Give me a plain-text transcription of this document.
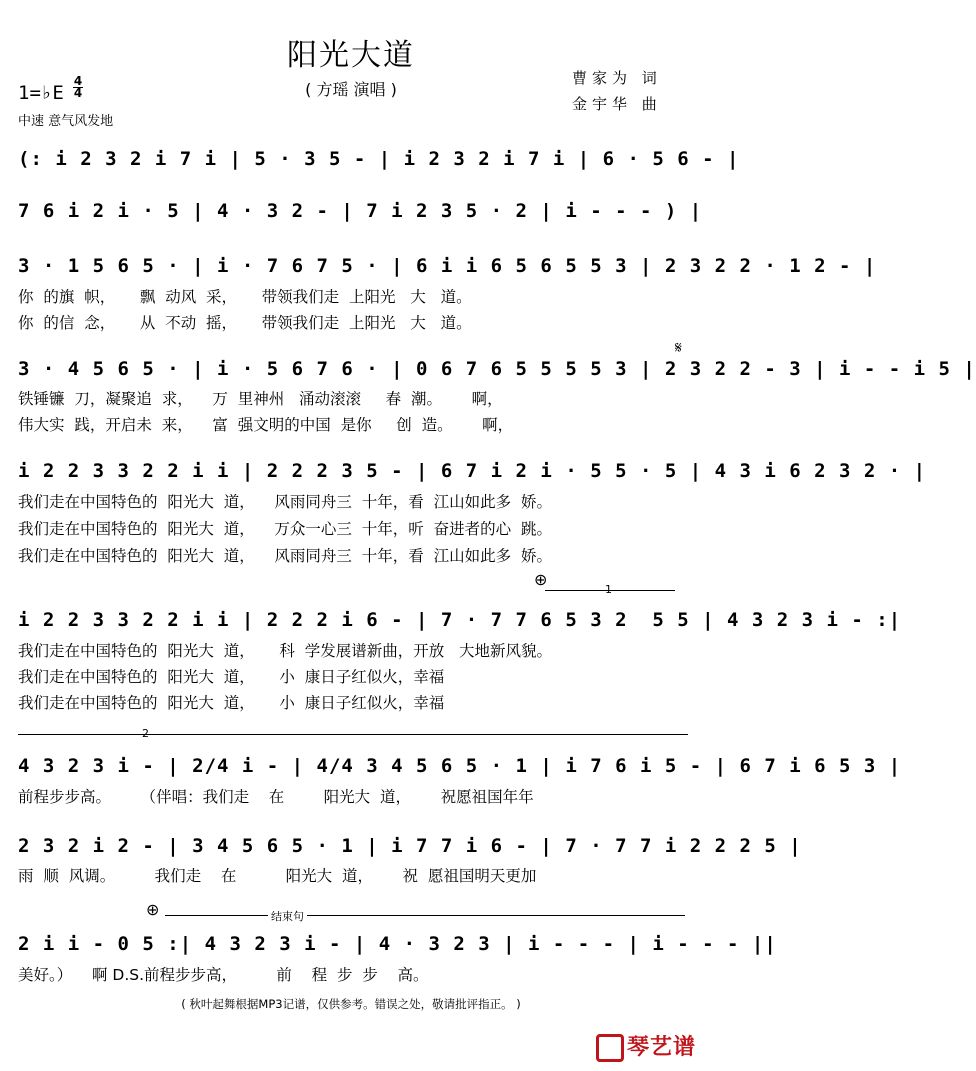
阳光大道
( 方瑶 演唱 )
曹家为 词
金宇华 曲
1=♭E
4
4
中速 意气风发地
(: i 2 3 2 i 7 i | 5 · 3 5 - | i 2 3 2 i 7 i | 6 · 5 6 - |
7 6 i 2 i · 5 | 4 · 3 2 - | 7 i 2 3 5 · 2 | i - - - ) |
3 · 1 5 6 5 · | i · 7 6 7 5 · | 6 i i 6 5 6 5 5 3 | 2 3 2 2 · 1 2 - |
你  的旗  帜，     飘  动风  采，     带领我们走  上阳光   大   道。
你  的信  念，     从  不动  摇，     带领我们走  上阳光   大   道。
3 · 4 5 6 5 · | i · 5 6 7 6 · | 0 6 7 6 5 5 5 5 3 | 2 3 2 2 - 3 | i - - i 5 |
𝄋
铁锤镰  刀，凝聚追  求，    万  里神州   涌动滚滚     春  潮。      啊，
伟大实  践，开启未  来，    富  强文明的中国  是你     创  造。      啊，
i 2 2 3 3 2 2 i i | 2 2 2 3 5 - | 6 7 i 2 i · 5 5 · 5 | 4 3 i 6 2 3 2 · |
我们走在中国特色的  阳光大  道，    风雨同舟三  十年，看  江山如此多  娇。
我们走在中国特色的  阳光大  道，    万众一心三  十年，听  奋进者的心  跳。
我们走在中国特色的  阳光大  道，    风雨同舟三  十年，看  江山如此多  娇。
⊕
1
i 2 2 3 3 2 2 i i | 2 2 2 i 6 - | 7 · 7 7 6 5 3 2  5 5 | 4 3 2 3 i - :|
我们走在中国特色的  阳光大  道，     科  学发展谱新曲，开放   大地新风貌。
我们走在中国特色的  阳光大  道，     小  康日子红似火，幸福
我们走在中国特色的  阳光大  道，     小  康日子红似火，幸福
2
4 3 2 3 i - | 2/4 i - | 4/4 3 4 5 6 5 · 1 | i 7 6 i 5 - | 6 7 i 6 5 3 |
前程步步高。      （伴唱：我们走    在        阳光大  道，      祝愿祖国年年
2 3 2 i 2 - | 3 4 5 6 5 · 1 | i 7 7 i 6 - | 7 · 7 7 i 2 2 2 5 |
雨  顺  风调。        我们走    在          阳光大  道，      祝  愿祖国明天更加
⊕	结束句
2 i i - 0 5 :| 4 3 2 3 i - | 4 · 3 2 3 | i - - - | i - - - ||
美好。）    啊 D.S.前程步步高，        前    程  步  步    高。
( 秋叶起舞根据MP3记谱，仅供参考。错误之处，敬请批评指正。 )
琴艺谱
